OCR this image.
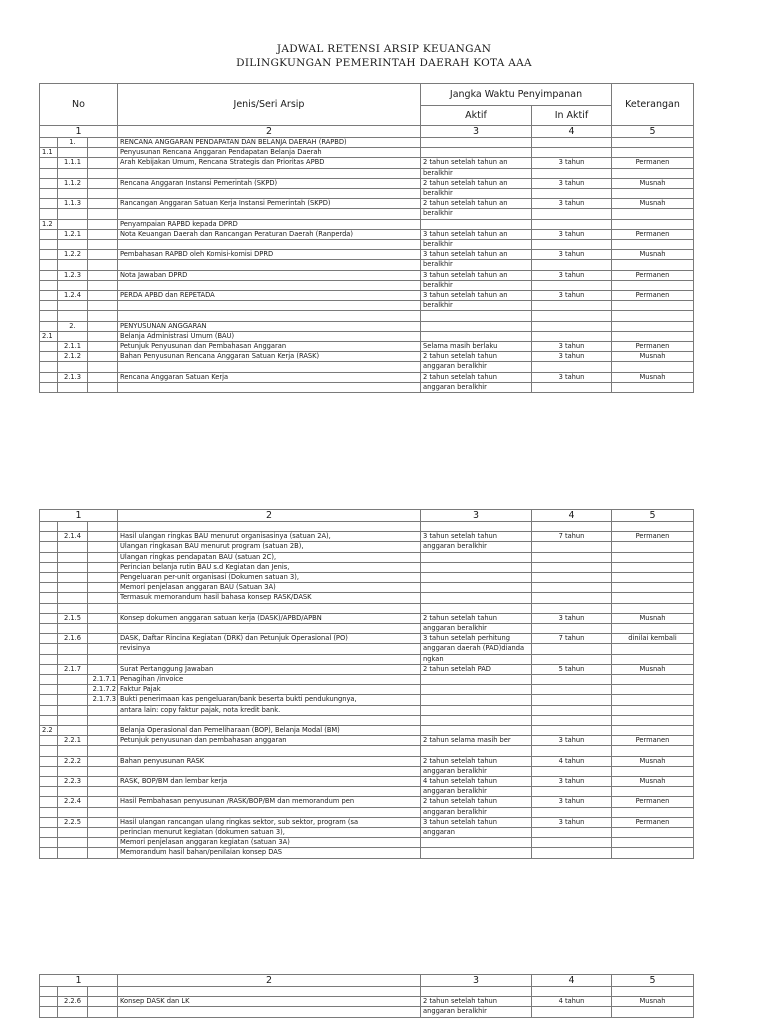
JADWAL RETENSI ARSIP KEUANGAN
DILINGKUNGAN PEMERINTAH DAERAH KOTA AAA
No			Jenis/Seri Arsip	Jangka Waktu Penyimpanan		Keterangan
				Aktif	In Aktif	
1			2	3	4	5
	1.		RENCANA ANGGARAN PENDAPATAN DAN BELANJA DAERAH (RAPBD)			
1.1			Penyusunan Rencana Anggaran Pendapatan Belanja Daerah			
	1.1.1		Arah Kebijakan Umum, Rencana Strategis dan Prioritas APBD	2 tahun setelah tahun an	3 tahun	Permanen
				beralkhir		
	1.1.2		Rencana Anggaran Instansi Pemerintah (SKPD)	2 tahun setelah tahun an	3 tahun	Musnah
				beralkhir		
	1.1.3		Rancangan Anggaran Satuan Kerja Instansi Pemerintah (SKPD)	2 tahun setelah tahun an	3 tahun	Musnah
				beralkhir		
1.2			Penyampaian RAPBD kepada DPRD			
	1.2.1		Nota Keuangan Daerah dan Rancangan Peraturan Daerah (Ranperda)	3 tahun setelah tahun an	3 tahun	Permanen
				beralkhir		
	1.2.2		Pembahasan RAPBD oleh Komisi-komisi DPRD	3 tahun setelah tahun an	3 tahun	Musnah
				beralkhir		
	1.2.3		Nota Jawaban DPRD	3 tahun setelah tahun an	3 tahun	Permanen
				beralkhir		
	1.2.4		PERDA APBD dan REPETADA	3 tahun setelah tahun an	3 tahun	Permanen
				beralkhir		

	2.		PENYUSUNAN ANGGARAN			
2.1			Belanja Administrasi Umum (BAU)			
	2.1.1		Petunjuk Penyusunan dan Pembahasan Anggaran	Selama masih berlaku	3 tahun	Permanen
	2.1.2		Bahan Penyusunan Rencana Anggaran Satuan Kerja (RASK)	2 tahun setelah tahun	3 tahun	Musnah
				anggaran beralkhir		
	2.1.3		Rencana Anggaran Satuan Kerja	2 tahun setelah tahun	3 tahun	Musnah
				anggaran beralkhir		
1			2	3	4	5

	2.1.4		Hasil ulangan ringkas BAU menurut organisasinya (satuan 2A),	3 tahun setelah tahun	7 tahun	Permanen
			Ulangan ringkasan BAU menurut program (satuan 2B),	anggaran beralkhir		
			Ulangan ringkas pendapatan BAU (satuan 2C),			
			Perincian belanja rutin BAU s.d Kegiatan dan Jenis,			
			Pengeluaran per-unit organisasi (Dokumen satuan 3),			
			Memori penjelasan anggaran BAU (Satuan 3A)			
			Termasuk memorandum hasil bahasa konsep RASK/DASK			

	2.1.5		Konsep dokumen anggaran satuan kerja (DASK)/APBD/APBN	2 tahun setelah tahun	3 tahun	Musnah
				anggaran beralkhir		
	2.1.6		DASK, Daftar Rincina Kegiatan (DRK) dan Petunjuk Operasional (PO)	3 tahun setelah perhitung	7 tahun	dinilai kembali
			revisinya	anggaran daerah (PAD)dianda		
				ngkan		
	2.1.7		Surat Pertanggung Jawaban	2 tahun setelah PAD	5 tahun	Musnah
		2.1.7.1	Penagihan /invoice			
		2.1.7.2	Faktur Pajak			
		2.1.7.3	Bukti penerimaan kas pengeluaran/bank beserta bukti pendukungnya,			
			antara lain: copy faktur pajak, nota kredit bank.			

2.2			Belanja Operasional dan Pemeliharaan (BOP), Belanja Modal (BM)			
	2.2.1		Petunjuk penyusunan dan pembahasan anggaran	2 tahun selama masih ber	3 tahun	Permanen

	2.2.2		Bahan penyusunan RASK	2 tahun setelah tahun	4 tahun	Musnah
				anggaran beralkhir		
	2.2.3		RASK, BOP/BM dan lembar kerja	4 tahun setelah tahun	3 tahun	Musnah
				anggaran beralkhir		
	2.2.4		Hasil Pembahasan penyusunan /RASK/BOP/BM dan memorandum pen	2 tahun setelah tahun	3 tahun	Permanen
				anggaran beralkhir		
	2.2.5		Hasil ulangan rancangan ulang ringkas sektor, sub sektor, program (sa	3 tahun setelah tahun	3 tahun	Permanen
			perincian menurut kegiatan (dokumen satuan 3),	anggaran		
			Memori penjelasan anggaran kegiatan (satuan 3A)			
			Memorandum hasil bahan/penilaian konsep DAS			
1			2	3	4	5

	2.2.6		Konsep DASK dan LK	2 tahun setelah tahun	4 tahun	Musnah
				anggaran beralkhir		
